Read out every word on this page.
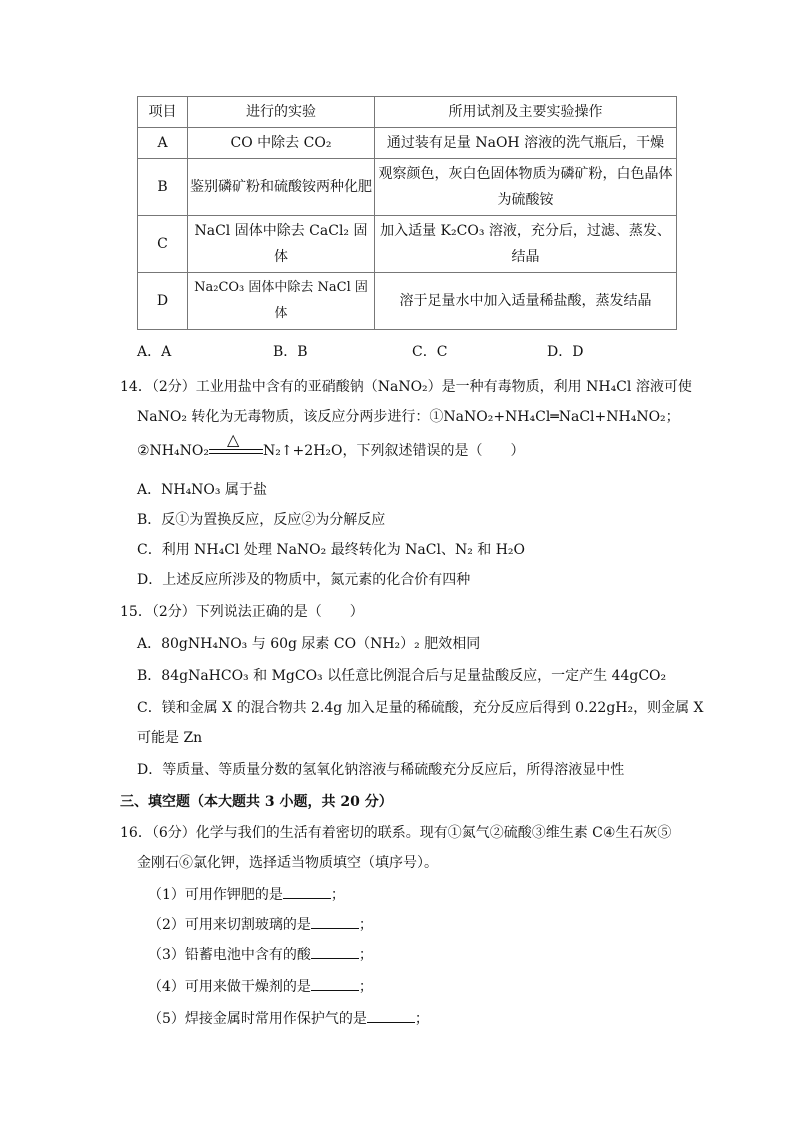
项目	进行的实验	所用试剂及主要实验操作
A	CO 中除去 CO₂	通过装有足量 NaOH 溶液的洗气瓶后，干燥
B	鉴别磷矿粉和硫酸铵两种化肥	观察颜色，灰白色固体物质为磷矿粉，白色晶体为硫酸铵
C	NaCl 固体中除去 CaCl₂ 固体	加入适量 K₂CO₃ 溶液，充分后，过滤、蒸发、结晶
D	Na₂CO₃ 固体中除去 NaCl 固体	溶于足量水中加入适量稀盐酸，蒸发结晶
A．A	B．B	C．C	D．D
14．（2分）工业用盐中含有的亚硝酸钠（NaNO₂）是一种有毒物质，利用 NH₄Cl 溶液可使
NaNO₂ 转化为无毒物质，该反应分两步进行：①NaNO₂+NH₄Cl═NaCl+NH₄NO₂；
②NH₄NO₂
△
N₂↑+2H₂O，下列叙述错误的是（　　）
A．NH₄NO₃ 属于盐
B．反①为置换反应，反应②为分解反应
C．利用 NH₄Cl 处理 NaNO₂ 最终转化为 NaCl、N₂ 和 H₂O
D．上述反应所涉及的物质中，氮元素的化合价有四种
15．（2分）下列说法正确的是（　　）
A．80gNH₄NO₃ 与 60g 尿素 CO（NH₂）₂ 肥效相同
B．84gNaHCO₃ 和 MgCO₃ 以任意比例混合后与足量盐酸反应，一定产生 44gCO₂
C．镁和金属 X 的混合物共 2.4g 加入足量的稀硫酸，充分反应后得到 0.22gH₂，则金属 X
可能是 Zn
D．等质量、等质量分数的氢氧化钠溶液与稀硫酸充分反应后，所得溶液显中性
三、填空题（本大题共 3 小题，共 20 分）
16．（6分）化学与我们的生活有着密切的联系。现有①氮气②硫酸③维生素 C④生石灰⑤
金刚石⑥氯化钾，选择适当物质填空（填序号）。
（1）可用作钾肥的是	；
（2）可用来切割玻璃的是	；
（3）铅蓄电池中含有的酸	；
（4）可用来做干燥剂的是	；
（5）焊接金属时常用作保护气的是	；
